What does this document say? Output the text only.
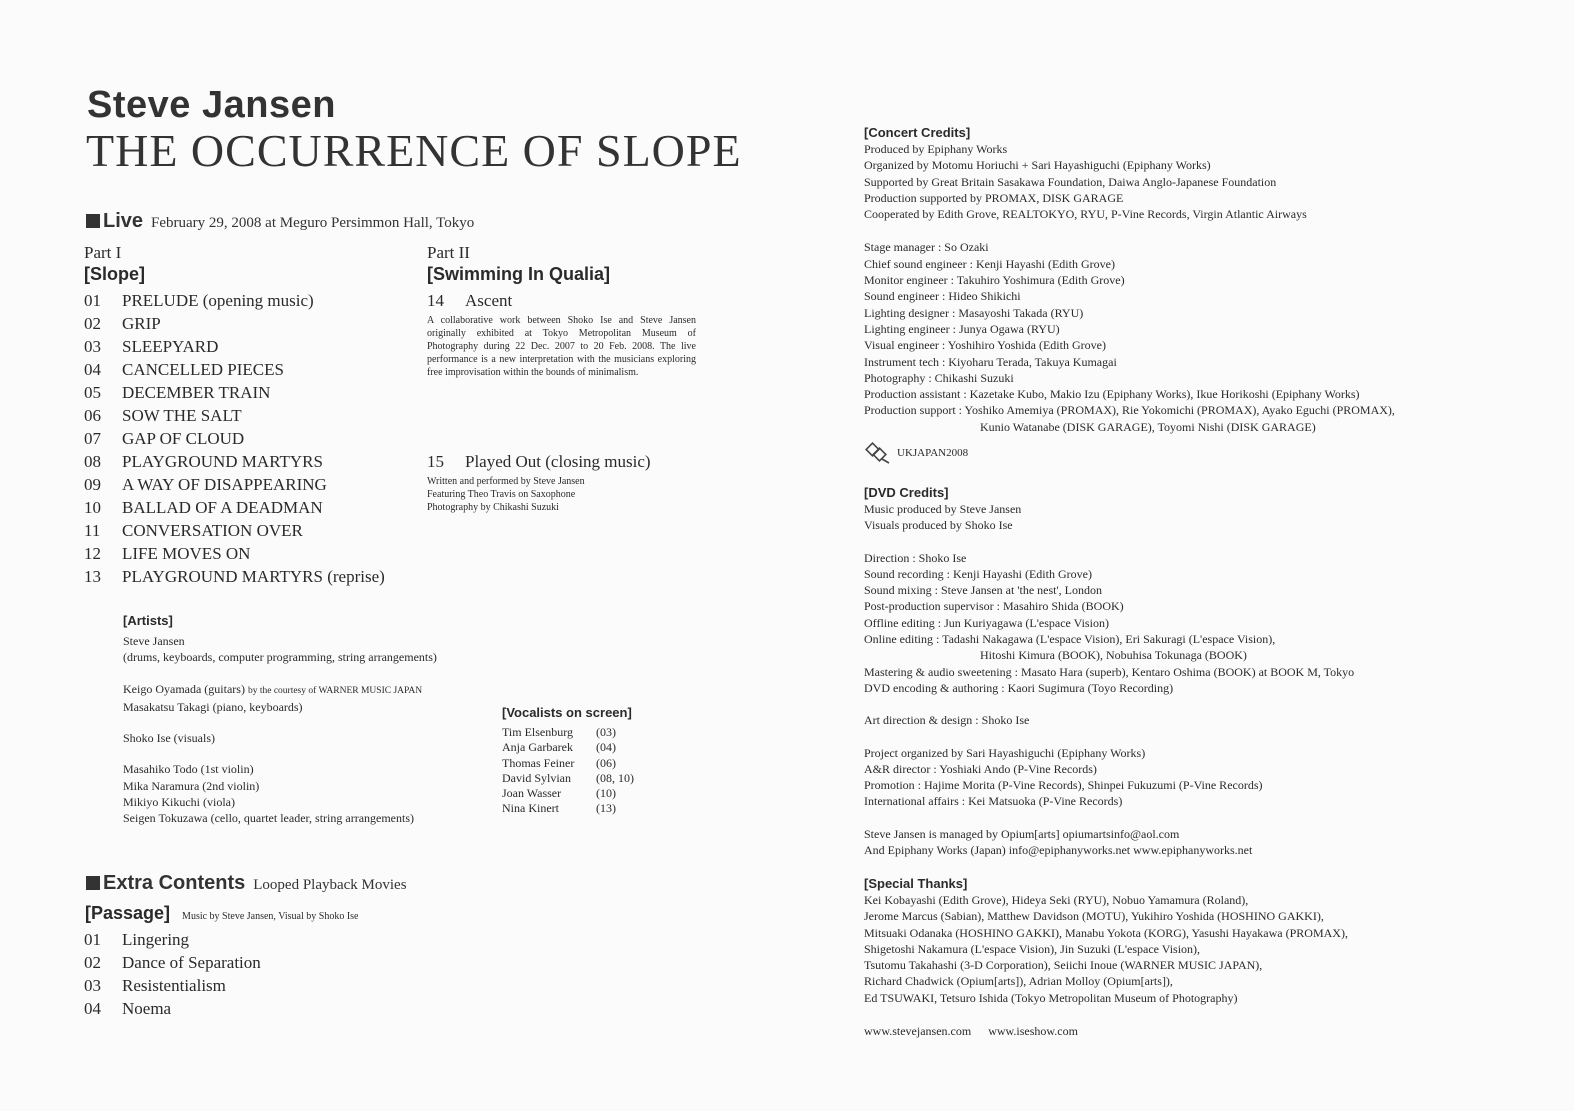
Steve Jansen
THE OCCURRENCE OF SLOPE
Live February 29, 2008 at Meguro Persimmon Hall, Tokyo
Part I
[Slope]
01 PRELUDE (opening music)
02 GRIP
03 SLEEPYARD
04 CANCELLED PIECES
05 DECEMBER TRAIN
06 SOW THE SALT
07 GAP OF CLOUD
08 PLAYGROUND MARTYRS
09 A WAY OF DISAPPEARING
10 BALLAD OF A DEADMAN
11 CONVERSATION OVER
12 LIFE MOVES ON
13 PLAYGROUND MARTYRS (reprise)
Part II
[Swimming In Qualia]
14 Ascent
A collaborative work between Shoko Ise and Steve Jansen originally exhibited at Tokyo Metropolitan Museum of Photography during 22 Dec. 2007 to 20 Feb. 2008. The live performance is a new interpretation with the musicians exploring free improvisation within the bounds of minimalism.
15 Played Out (closing music)
Written and performed by Steve Jansen
Featuring Theo Travis on Saxophone
Photography by Chikashi Suzuki
[Artists]
Steve Jansen
(drums, keyboards, computer programming, string arrangements)
Keigo Oyamada (guitars) by the courtesy of WARNER MUSIC JAPAN
Masakatsu Takagi (piano, keyboards)
Shoko Ise (visuals)
Masahiko Todo (1st violin)
Mika Naramura (2nd violin)
Mikiyo Kikuchi (viola)
Seigen Tokuzawa (cello, quartet leader, string arrangements)
[Vocalists on screen]
Tim Elsenburg	(03)
Anja Garbarek	(04)
Thomas Feiner	(06)
David Sylvian	(08, 10)
Joan Wasser	(10)
Nina Kinert	(13)
Extra Contents Looped Playback Movies
[Passage] Music by Steve Jansen, Visual by Shoko Ise
01 Lingering
02 Dance of Separation
03 Resistentialism
04 Noema
[Concert Credits]
Produced by Epiphany Works
Organized by Motomu Horiuchi + Sari Hayashiguchi (Epiphany Works)
Supported by Great Britain Sasakawa Foundation, Daiwa Anglo-Japanese Foundation
Production supported by PROMAX, DISK GARAGE
Cooperated by Edith Grove, REALTOKYO, RYU, P-Vine Records, Virgin Atlantic Airways
Stage manager : So Ozaki
Chief sound engineer : Kenji Hayashi (Edith Grove)
Monitor engineer : Takuhiro Yoshimura (Edith Grove)
Sound engineer : Hideo Shikichi
Lighting designer : Masayoshi Takada (RYU)
Lighting engineer : Junya Ogawa (RYU)
Visual engineer : Yoshihiro Yoshida (Edith Grove)
Instrument tech : Kiyoharu Terada, Takuya Kumagai
Photography : Chikashi Suzuki
Production assistant : Kazetake Kubo, Makio Izu (Epiphany Works), Ikue Horikoshi (Epiphany Works)
Production support : Yoshiko Amemiya (PROMAX), Rie Yokomichi (PROMAX), Ayako Eguchi (PROMAX),
Kunio Watanabe (DISK GARAGE), Toyomi Nishi (DISK GARAGE)
UKJAPAN2008
[DVD Credits]
Music produced by Steve Jansen
Visuals produced by Shoko Ise
Direction : Shoko Ise
Sound recording : Kenji Hayashi (Edith Grove)
Sound mixing : Steve Jansen at 'the nest', London
Post-production supervisor : Masahiro Shida (BOOK)
Offline editing : Jun Kuriyagawa (L'espace Vision)
Online editing : Tadashi Nakagawa (L'espace Vision), Eri Sakuragi (L'espace Vision),
Hitoshi Kimura (BOOK), Nobuhisa Tokunaga (BOOK)
Mastering & audio sweetening : Masato Hara (superb), Kentaro Oshima (BOOK) at BOOK M, Tokyo
DVD encoding & authoring : Kaori Sugimura (Toyo Recording)
Art direction & design : Shoko Ise
Project organized by Sari Hayashiguchi (Epiphany Works)
A&R director : Yoshiaki Ando (P-Vine Records)
Promotion : Hajime Morita (P-Vine Records), Shinpei Fukuzumi (P-Vine Records)
International affairs : Kei Matsuoka (P-Vine Records)
Steve Jansen is managed by Opium[arts] opiumartsinfo@aol.com
And Epiphany Works (Japan) info@epiphanyworks.net www.epiphanyworks.net
[Special Thanks]
Kei Kobayashi (Edith Grove), Hideya Seki (RYU), Nobuo Yamamura (Roland),
Jerome Marcus (Sabian), Matthew Davidson (MOTU), Yukihiro Yoshida (HOSHINO GAKKI),
Mitsuaki Odanaka (HOSHINO GAKKI), Manabu Yokota (KORG), Yasushi Hayakawa (PROMAX),
Shigetoshi Nakamura (L'espace Vision), Jin Suzuki (L'espace Vision),
Tsutomu Takahashi (3-D Corporation), Seiichi Inoue (WARNER MUSIC JAPAN),
Richard Chadwick (Opium[arts]), Adrian Molloy (Opium[arts]),
Ed TSUWAKI, Tetsuro Ishida (Tokyo Metropolitan Museum of Photography)
www.stevejansen.com www.iseshow.com
